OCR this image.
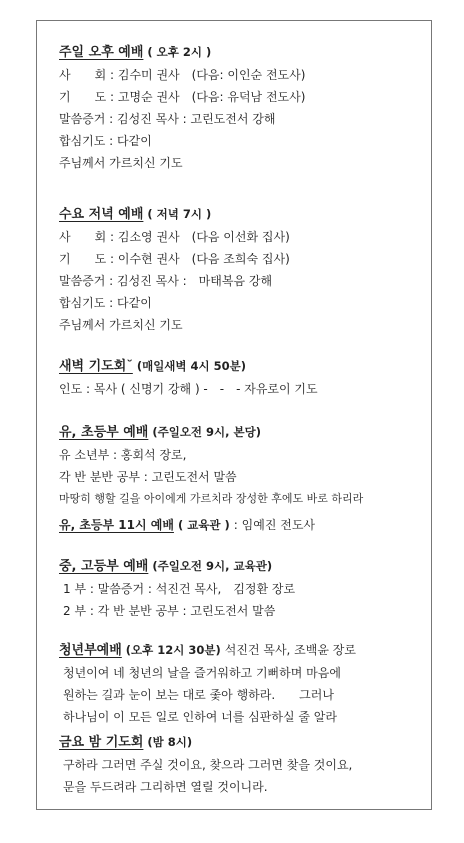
주일 오후 예배 ( 오후 2시 )
사　　회 : 김수미 권사　(다음: 이인순 전도사)
기　　도 : 고명순 권사　(다음: 유덕남 전도사)
말씀증거 : 김성진 목사 : 고린도전서 강해
합심기도 : 다같이
주님께서 가르치신 기도
수요 저녁 예배 ( 저녁 7시 )
사　　회 : 김소영 권사　(다음 이선화 집사)
기　　도 : 이수현 권사　(다음 조희숙 집사)
말씀증거 : 김성진 목사 :　마태복음 강해
합심기도 : 다같이
주님께서 가르치신 기도
새벽 기도회˘ (매일새벽 4시 50분)
인도 : 목사 ( 신명기 강해 ) -　-　- 자유로이 기도
유, 초등부 예배 (주일오전 9시, 본당)
유 소년부 : 홍회석 장로,
각 반 분반 공부 : 고린도전서 말씀
마땅히 행할 길을 아이에게 가르치라 장성한 후에도 바로 하리라
유, 초등부 11시 예배 ( 교육관 ) : 임예진 전도사
중, 고등부 예배 (주일오전 9시, 교육관)
1 부 : 말씀증거 : 석진건 목사,　김정환 장로
2 부 : 각 반 분반 공부 : 고린도전서 말씀
청년부예배 (오후 12시 30분) 석진건 목사, 조백윤 장로
청년이여 네 청년의 날을 즐거워하고 기뻐하며 마음에
원하는 길과 눈이 보는 대로 좇아 행하라.　　그러나
하나님이 이 모든 일로 인하여 너를 심판하실 줄 알라
금요 밤 기도회 (밤 8시)
구하라 그러면 주실 것이요, 찾으라 그러면 찾을 것이요,
문을 두드려라 그리하면 열릴 것이니라.
